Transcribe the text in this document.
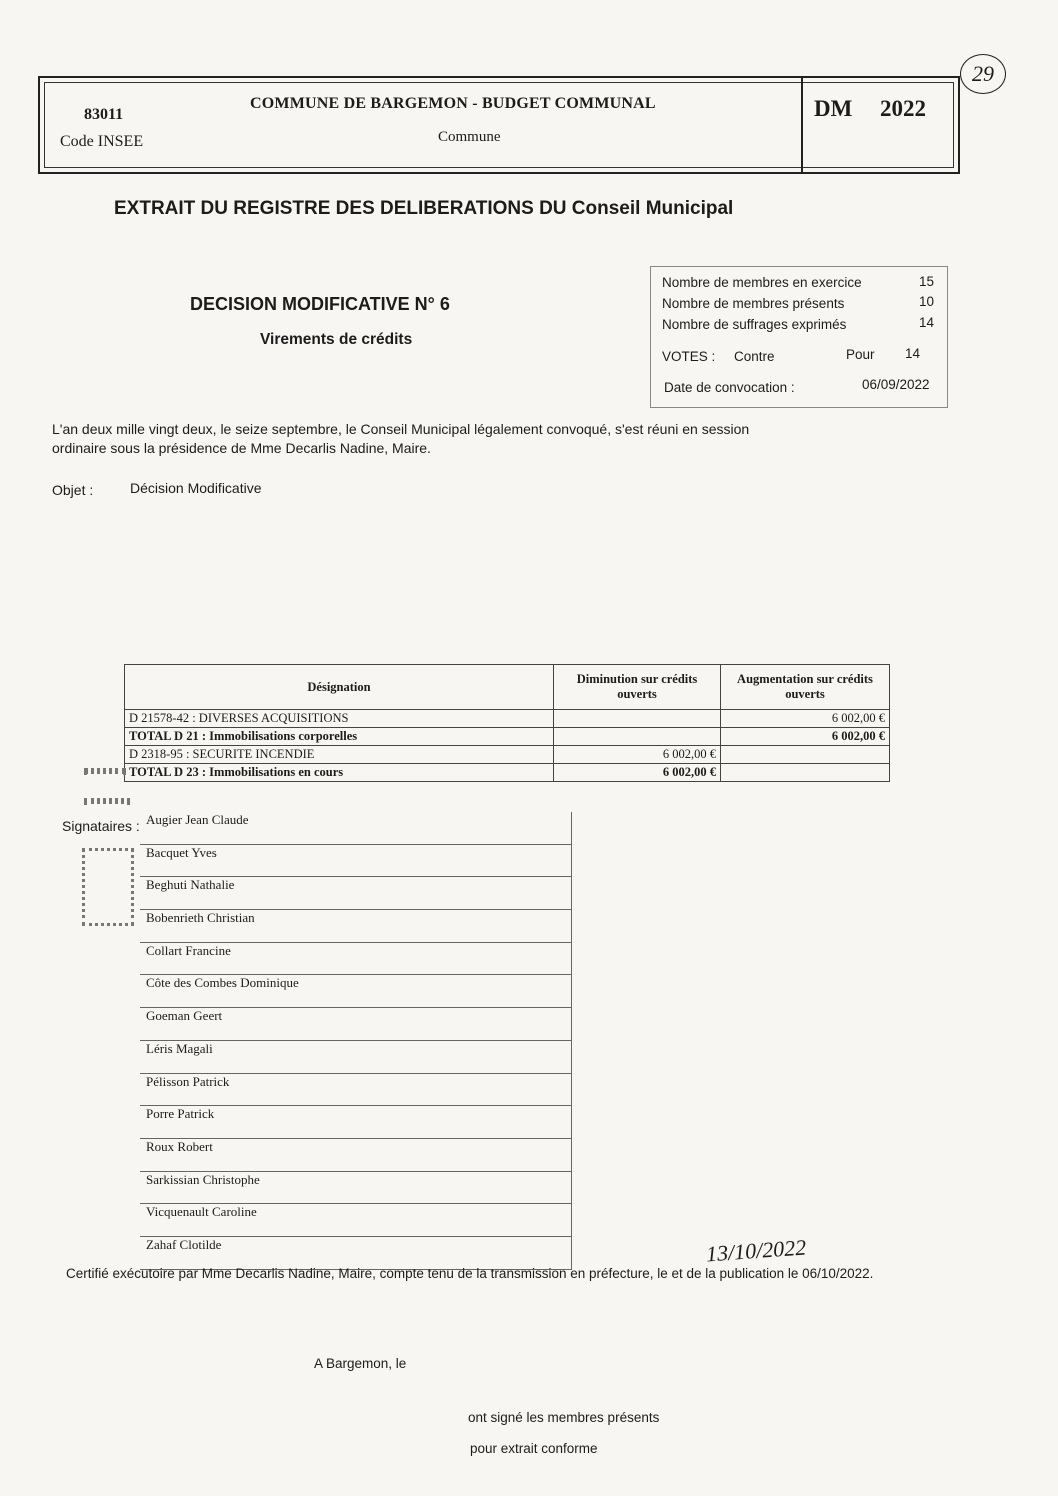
83011
Code INSEE
COMMUNE DE BARGEMON - BUDGET COMMUNAL
Commune
DM 2022
29
EXTRAIT DU REGISTRE DES DELIBERATIONS DU Conseil Municipal
DECISION MODIFICATIVE N° 6
Virements de crédits
Nombre de membres en exercice	15
Nombre de membres présents	10
Nombre de suffrages exprimés	14
VOTES : Contre	Pour	14
Date de convocation :	06/09/2022
L'an deux mille vingt deux, le seize septembre, le Conseil Municipal légalement convoqué, s'est réuni en session ordinaire sous la présidence de Mme Decarlis Nadine, Maire.
Objet :	Décision Modificative
Désignation	Diminution sur crédits ouverts	Augmentation sur crédits ouverts
D 21578-42 : DIVERSES ACQUISITIONS		6 002,00 €
TOTAL D 21 : Immobilisations corporelles		6 002,00 €
D 2318-95 : SECURITE INCENDIE	6 002,00 €	
TOTAL D 23 : Immobilisations en cours	6 002,00 €	
Signataires : Augier Jean Claude
Bacquet Yves
Beghuti Nathalie
Bobenrieth Christian
Collart Francine
Côte des Combes Dominique
Goeman Geert
Léris Magali
Pélisson Patrick
Porre Patrick
Roux Robert
Sarkissian Christophe
Vicquenault Caroline
Zahaf Clotilde	13/10/2022
Certifié exécutoire par Mme Decarlis Nadine, Maire, compte tenu de la transmission en préfecture, le et de la publication le 06/10/2022.
A Bargemon, le
ont signé les membres présents
pour extrait conforme
